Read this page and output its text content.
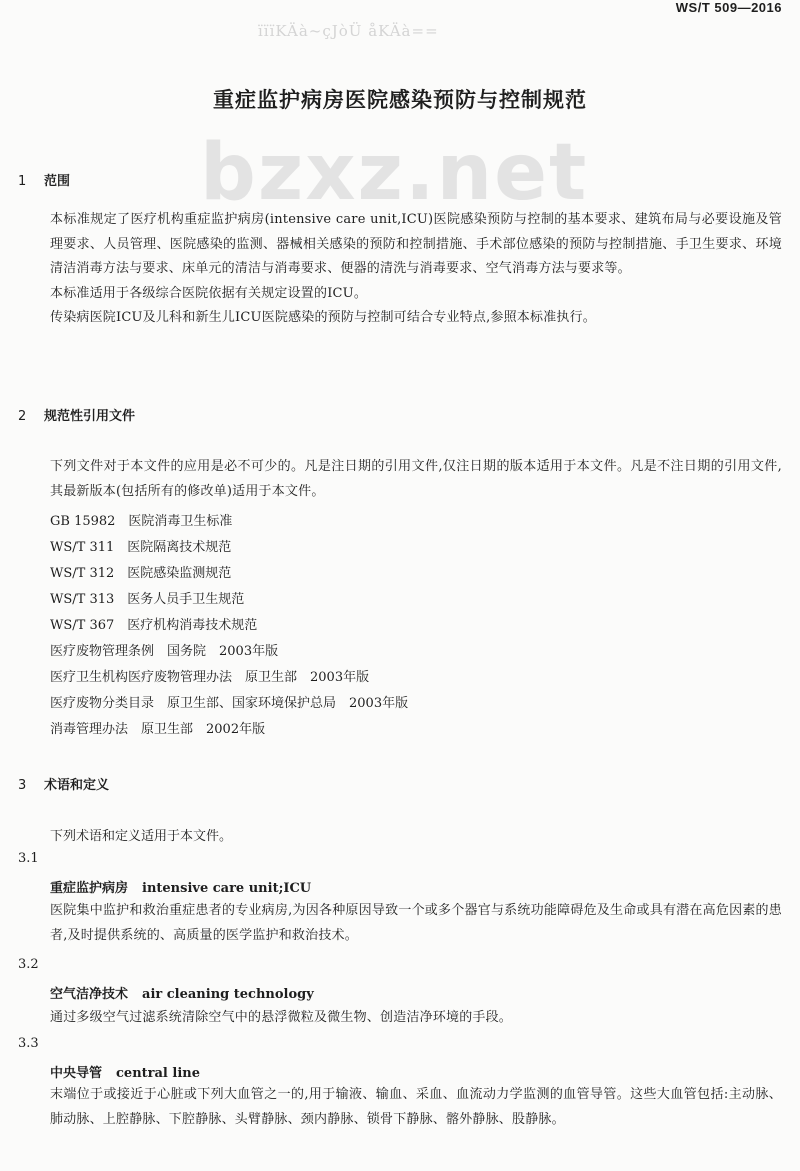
WS/T 509—2016
ïïïKÄà~çJòÜ åKÄà==
重症监护病房医院感染预防与控制规范
bzxz.net
1 范围
本标准规定了医疗机构重症监护病房(intensive care unit,ICU)医院感染预防与控制的基本要求、建筑布局与必要设施及管理要求、人员管理、医院感染的监测、器械相关感染的预防和控制措施、手术部位感染的预防与控制措施、手卫生要求、环境清洁消毒方法与要求、床单元的清洁与消毒要求、便器的清洗与消毒要求、空气消毒方法与要求等。
本标准适用于各级综合医院依据有关规定设置的ICU。
传染病医院ICU及儿科和新生儿ICU医院感染的预防与控制可结合专业特点,参照本标准执行。
2 规范性引用文件
下列文件对于本文件的应用是必不可少的。凡是注日期的引用文件,仅注日期的版本适用于本文件。凡是不注日期的引用文件,其最新版本(包括所有的修改单)适用于本文件。
GB 15982　医院消毒卫生标准
WS/T 311　医院隔离技术规范
WS/T 312　医院感染监测规范
WS/T 313　医务人员手卫生规范
WS/T 367　医疗机构消毒技术规范
医疗废物管理条例　国务院　2003年版
医疗卫生机构医疗废物管理办法　原卫生部　2003年版
医疗废物分类目录　原卫生部、国家环境保护总局　2003年版
消毒管理办法　原卫生部　2002年版
3 术语和定义
下列术语和定义适用于本文件。
3.1
重症监护病房 intensive care unit;ICU
医院集中监护和救治重症患者的专业病房,为因各种原因导致一个或多个器官与系统功能障碍危及生命或具有潜在高危因素的患者,及时提供系统的、高质量的医学监护和救治技术。
3.2
空气洁净技术 air cleaning technology
通过多级空气过滤系统清除空气中的悬浮微粒及微生物、创造洁净环境的手段。
3.3
中央导管 central line
末端位于或接近于心脏或下列大血管之一的,用于输液、输血、采血、血流动力学监测的血管导管。这些大血管包括:主动脉、肺动脉、上腔静脉、下腔静脉、头臂静脉、颈内静脉、锁骨下静脉、髂外静脉、股静脉。
